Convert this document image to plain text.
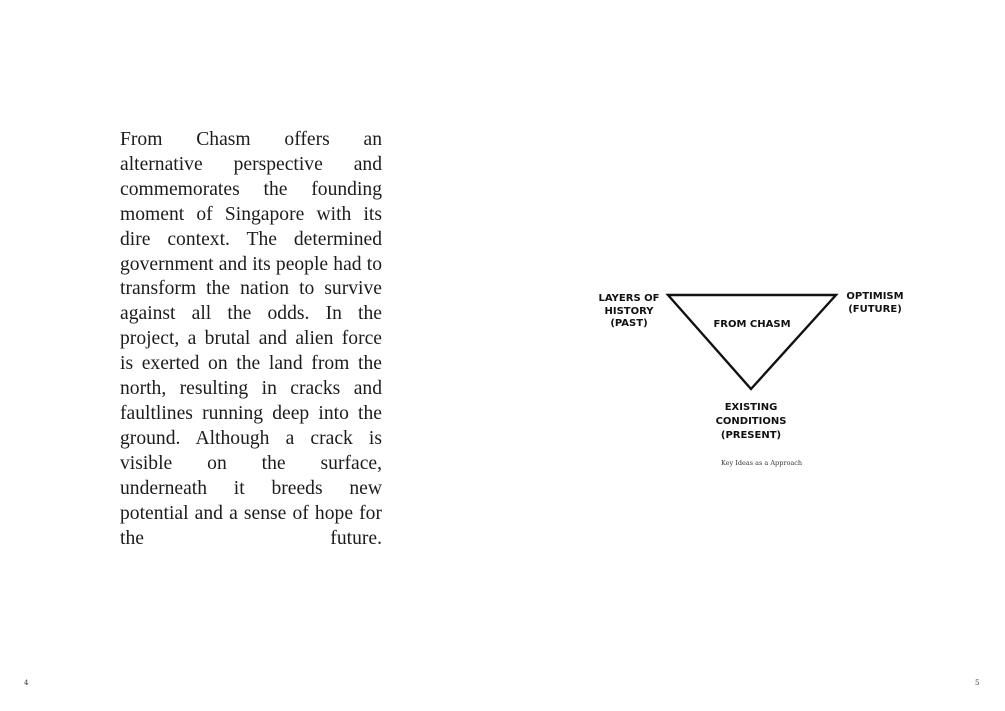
From Chasm offers an alternative perspective and commemorates the founding moment of Singapore with its dire context. The determined government and its people had to transform the nation to survive against all the odds. In the project, a brutal and alien force is exerted on the land from the north, resulting in cracks and faultlines running deep into the ground. Although a crack is visible on the surface, underneath it breeds new potential and a sense of hope for the future.

LAYERS OF
HISTORY
(PAST)
OPTIMISM
(FUTURE)
FROM CHASM
EXISTING
CONDITIONS
(PRESENT)
Key Ideas as a Approach
4	5
